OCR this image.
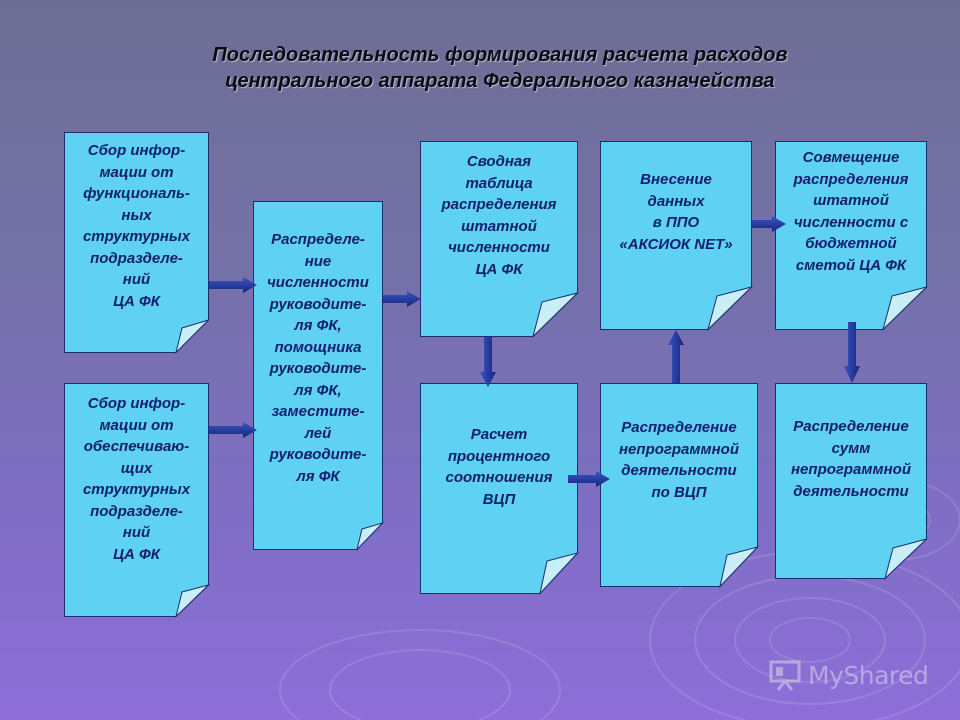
Последовательность формирования расчета расходов
центрального аппарата Федерального казначейства
Сбор инфор-
мации от
функциональ-
ных
структурных
подразделе-
ний
ЦА ФК
Сбор инфор-
мации от
обеспечиваю-
щих
структурных
подразделе-
ний
ЦА ФК
Распределе-
ние
численности
руководите-
ля ФК,
помощника
руководите-
ля ФК,
заместите-
лей
руководите-
ля ФК
Сводная
таблица
распределения
штатной
численности
ЦА ФК
Расчет
процентного
соотношения
ВЦП
Внесение
данных
в ППО
«АКСИОК NET»
Распределение
непрограммной
деятельности
по ВЦП
Совмещение
распределения
штатной
численности с
бюджетной
сметой ЦА ФК
Распределение
сумм
непрограммной
деятельности
MyShared
